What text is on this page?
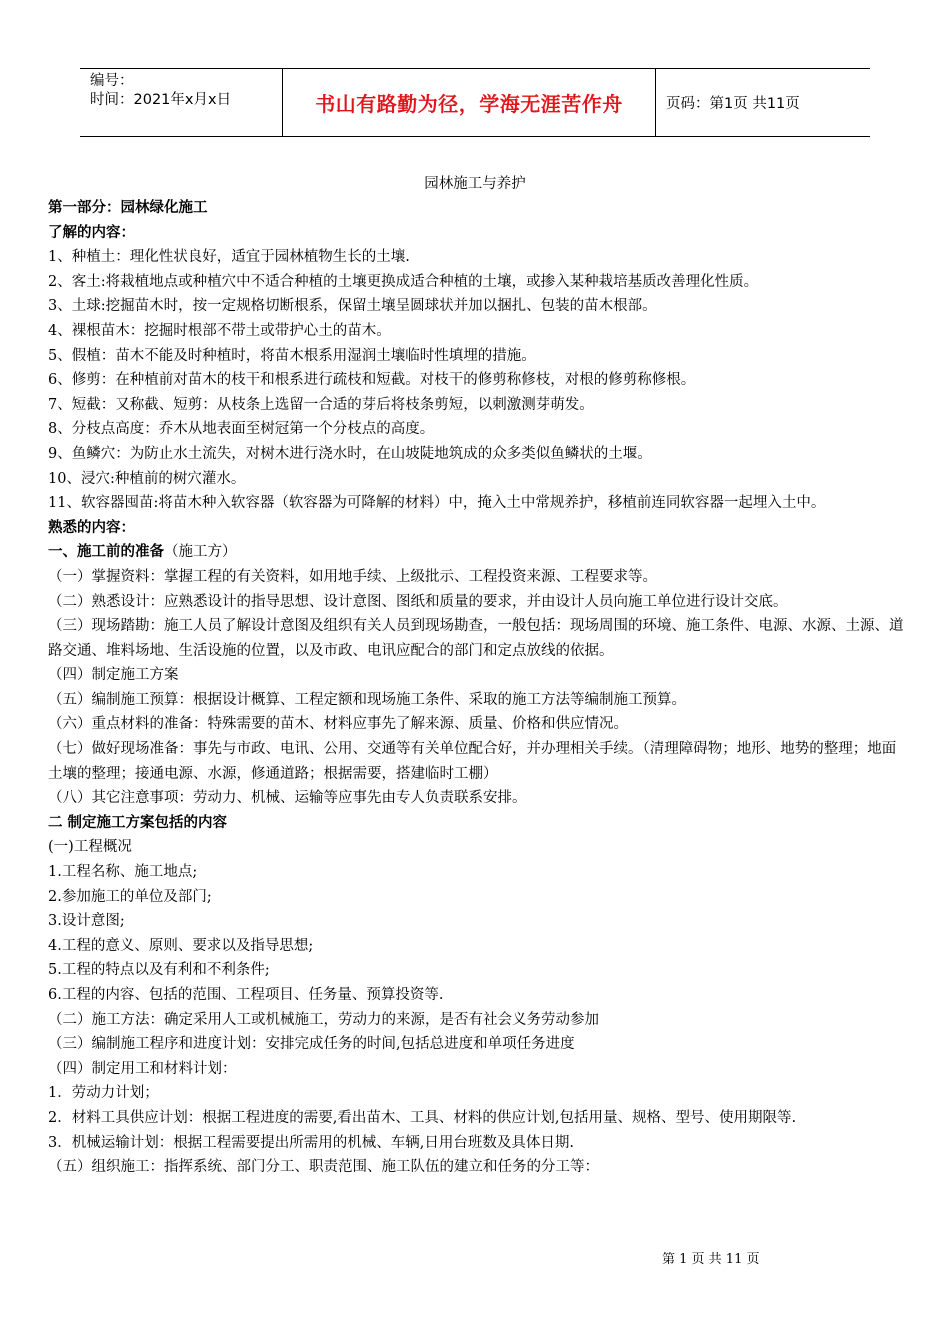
编号：
时间：2021年x月x日	书山有路勤为径，学海无涯苦作舟	页码：第1页 共11页
园林施工与养护

第一部分：园林绿化施工

了解的内容：

1、种植土：理化性状良好，适宜于园林植物生长的土壤.

2、客土:将栽植地点或种植穴中不适合种植的土壤更换成适合种植的土壤，或掺入某种栽培基质改善理化性质。

3、土球:挖掘苗木时，按一定规格切断根系，保留土壤呈圆球状并加以捆扎、包装的苗木根部。

4、裸根苗木：挖掘时根部不带土或带护心土的苗木。

5、假植：苗木不能及时种植时，将苗木根系用湿润土壤临时性填埋的措施。

6、修剪：在种植前对苗木的枝干和根系进行疏枝和短截。对枝干的修剪称修枝，对根的修剪称修根。

7、短截：又称截、短剪：从枝条上选留一合适的芽后将枝条剪短，以刺激测芽萌发。

8、分枝点高度：乔木从地表面至树冠第一个分枝点的高度。

9、鱼鳞穴：为防止水土流失，对树木进行浇水时，在山坡陡地筑成的众多类似鱼鳞状的土堰。

10、浸穴:种植前的树穴灌水。

11、软容器囤苗:将苗木种入软容器（软容器为可降解的材料）中，掩入土中常规养护，移植前连同软容器一起埋入土中。

熟悉的内容：

一、施工前的准备（施工方）

（一）掌握资料：掌握工程的有关资料，如用地手续、上级批示、工程投资来源、工程要求等。

（二）熟悉设计：应熟悉设计的指导思想、设计意图、图纸和质量的要求，并由设计人员向施工单位进行设计交底。

（三）现场踏勘：施工人员了解设计意图及组织有关人员到现场勘查，一般包括：现场周围的环境、施工条件、电源、水源、土源、道路交通、堆料场地、生活设施的位置，以及市政、电讯应配合的部门和定点放线的依据。

（四）制定施工方案

（五）编制施工预算：根据设计概算、工程定额和现场施工条件、采取的施工方法等编制施工预算。

（六）重点材料的准备：特殊需要的苗木、材料应事先了解来源、质量、价格和供应情况。

（七）做好现场准备：事先与市政、电讯、公用、交通等有关单位配合好，并办理相关手续。（清理障碍物；地形、地势的整理；地面土壤的整理；接通电源、水源，修通道路；根据需要，搭建临时工棚）

（八）其它注意事项：劳动力、机械、运输等应事先由专人负责联系安排。

二 制定施工方案包括的内容

(一)工程概况

1.工程名称、施工地点;

2.参加施工的单位及部门;

3.设计意图;

4.工程的意义、原则、要求以及指导思想;

5.工程的特点以及有利和不利条件;

6.工程的内容、包括的范围、工程项目、任务量、预算投资等.

（二）施工方法：确定采用人工或机械施工，劳动力的来源，是否有社会义务劳动参加

（三）编制施工程序和进度计划：安排完成任务的时间,包括总进度和单项任务进度

（四）制定用工和材料计划：

1．劳动力计划；

2．材料工具供应计划：根据工程进度的需要,看出苗木、工具、材料的供应计划,包括用量、规格、型号、使用期限等.

3．机械运输计划：根据工程需要提出所需用的机械、车辆,日用台班数及具体日期.

（五）组织施工：指挥系统、部门分工、职责范围、施工队伍的建立和任务的分工等：

第 1 页 共 11 页
